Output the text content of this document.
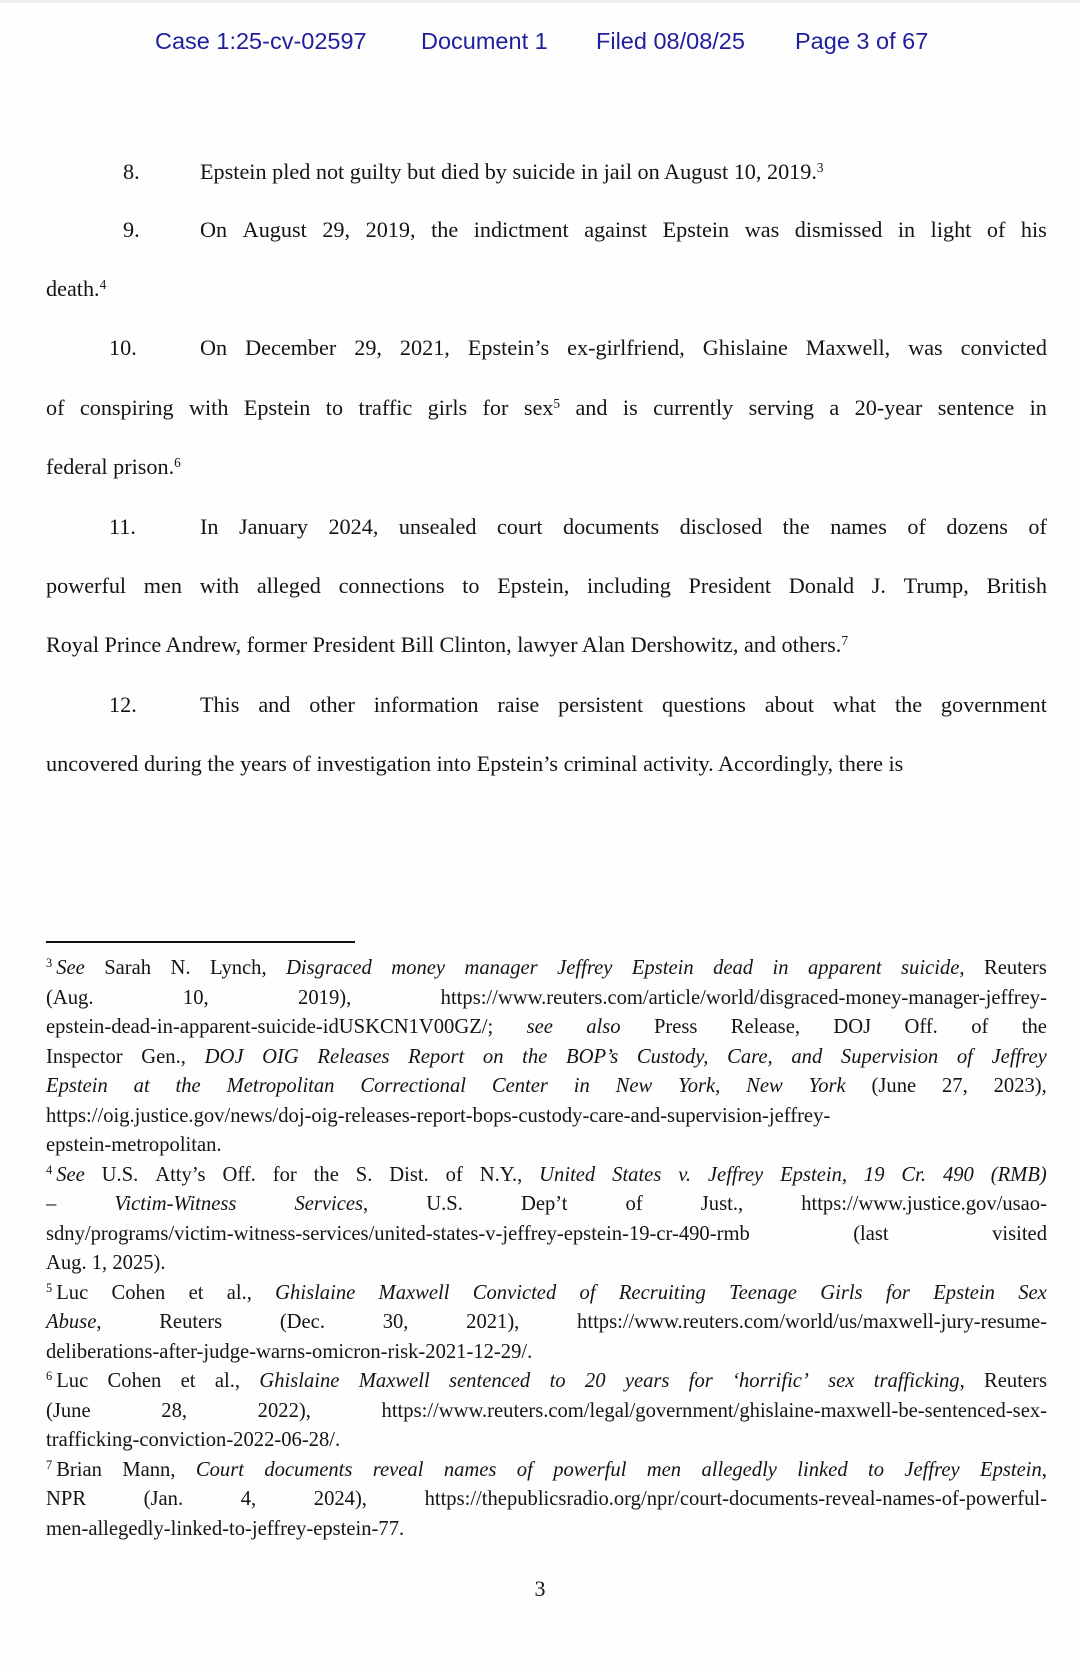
Case 1:25-cv-02597 Document 1 Filed 08/08/25 Page 3 of 67
8.	Epstein pled not guilty but died by suicide in jail on August 10, 2019.$^3$
9.	On August 29, 2019, the indictment against Epstein was dismissed in light of his
death.$^4$
10.	On December 29, 2021, Epstein’s ex-girlfriend, Ghislaine Maxwell, was convicted
of conspiring with Epstein to traffic girls for sex$^5$ and is currently serving a 20-year sentence in
federal prison.$^6$
11.	In January 2024, unsealed court documents disclosed the names of dozens of
powerful men with alleged connections to Epstein, including President Donald J. Trump, British
Royal Prince Andrew, former President Bill Clinton, lawyer Alan Dershowitz, and others.$^7$
12.	This and other information raise persistent questions about what the government
uncovered during the years of investigation into Epstein’s criminal activity. Accordingly, there is
$^3$ See Sarah N. Lynch, Disgraced money manager Jeffrey Epstein dead in apparent suicide, Reuters
(Aug.	10,	2019),	https://www.reuters.com/article/world/disgraced-money-manager-jeffrey-
epstein-dead-in-apparent-suicide-idUSKCN1V00GZ/; see also Press Release, DOJ Off. of the
Inspector Gen., DOJ OIG Releases Report on the BOP’s Custody, Care, and Supervision of Jeffrey
Epstein at the Metropolitan Correctional Center in New York, New York (June 27, 2023),
https://oig.justice.gov/news/doj-oig-releases-report-bops-custody-care-and-supervision-jeffrey-
epstein-metropolitan.
$^4$ See U.S. Atty’s Off. for the S. Dist. of N.Y., United States v. Jeffrey Epstein, 19 Cr. 490 (RMB)
–	Victim-Witness	Services,	U.S.	Dep’t	of	Just.,	https://www.justice.gov/usao-
sdny/programs/victim-witness-services/united-states-v-jeffrey-epstein-19-cr-490-rmb	(last	visited
Aug. 1, 2025).
$^5$ Luc Cohen et al., Ghislaine Maxwell Convicted of Recruiting Teenage Girls for Epstein Sex
Abuse,	Reuters	(Dec.	30,	2021),	https://www.reuters.com/world/us/maxwell-jury-resume-
deliberations-after-judge-warns-omicron-risk-2021-12-29/.
$^6$ Luc Cohen et al., Ghislaine Maxwell sentenced to 20 years for ‘horrific’ sex trafficking, Reuters
(June	28,	2022),	https://www.reuters.com/legal/government/ghislaine-maxwell-be-sentenced-sex-
trafficking-conviction-2022-06-28/.
$^7$ Brian Mann, Court documents reveal names of powerful men allegedly linked to Jeffrey Epstein,
NPR	(Jan.	4,	2024),	https://thepublicsradio.org/npr/court-documents-reveal-names-of-powerful-
men-allegedly-linked-to-jeffrey-epstein-77.
3
